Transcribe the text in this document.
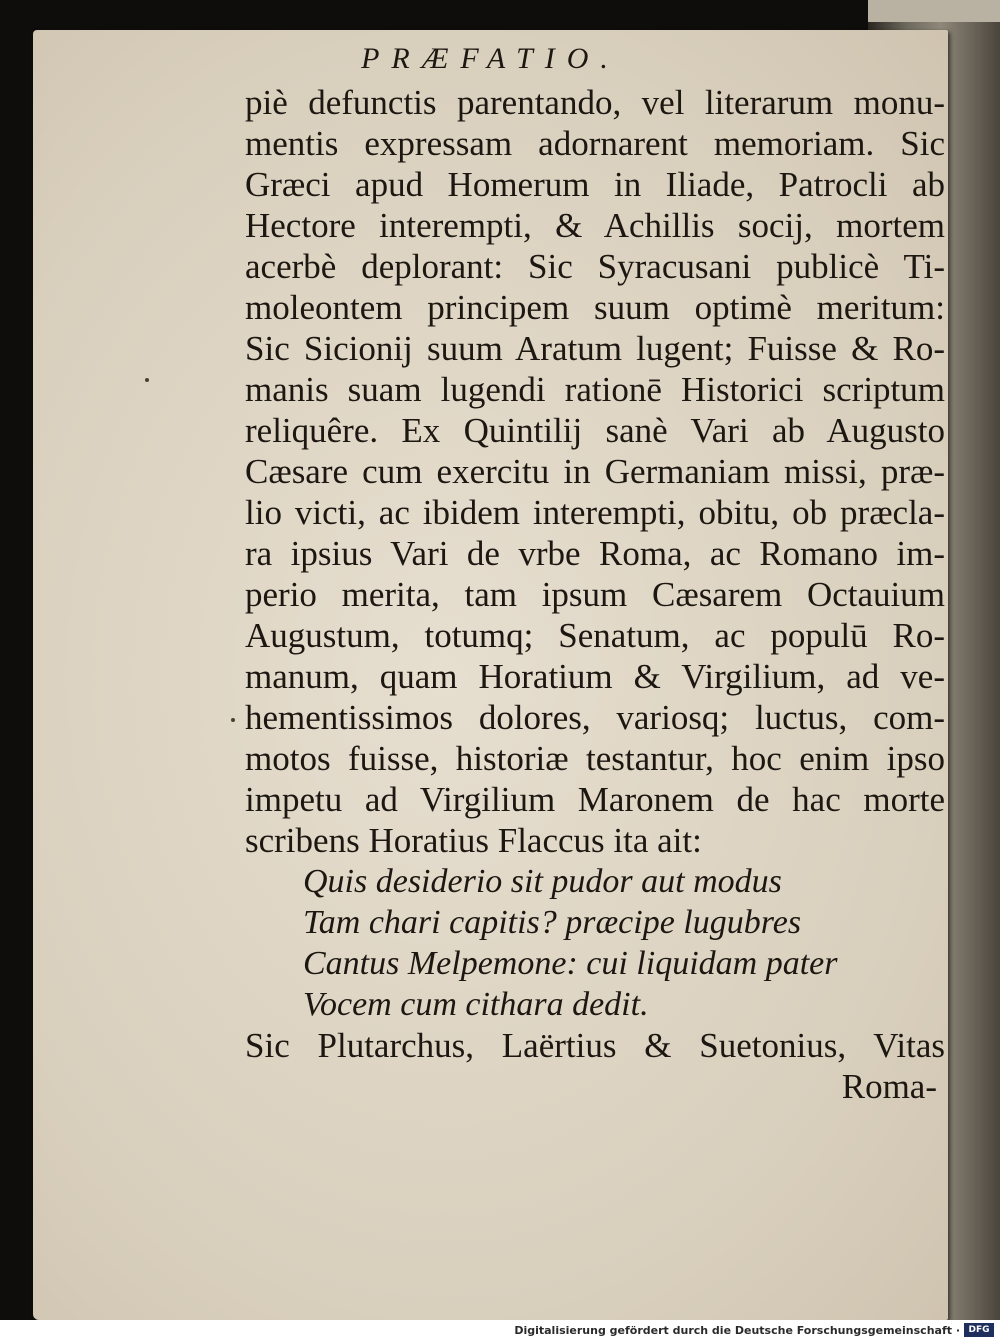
PRÆFATIO.
piè defunctis parentando, vel literarum monu-
mentis expressam adornarent memoriam. Sic
Græci apud Homerum in Iliade, Patrocli ab
Hectore interempti, & Achillis socij, mortem
acerbè deplorant: Sic Syracusani publicè Ti-
moleontem principem suum optimè meritum:
Sic Sicionij suum Aratum lugent; Fuisse & Ro-
manis suam lugendi rationē Historici scriptum
reliquêre. Ex Quintilij sanè Vari ab Augusto
Cæsare cum exercitu in Germaniam missi, præ-
lio victi, ac ibidem interempti, obitu, ob præcla-
ra ipsius Vari de vrbe Roma, ac Romano im-
perio merita, tam ipsum Cæsarem Octauium
Augustum, totumq; Senatum, ac populū Ro-
manum, quam Horatium & Virgilium, ad ve-
hementissimos dolores, variosq; luctus, com-
motos fuisse, historiæ testantur, hoc enim ipso
impetu ad Virgilium Maronem de hac morte
scribens Horatius Flaccus ita ait:
Quis desiderio sit pudor aut modus
Tam chari capitis? præcipe lugubres
Cantus Melpemone: cui liquidam pater
Vocem cum cithara dedit.
Sic Plutarchus, Laërtius & Suetonius, Vitas
Roma-
Digitalisierung gefördert durch die Deutsche Forschungsgemeinschaft · DFG
